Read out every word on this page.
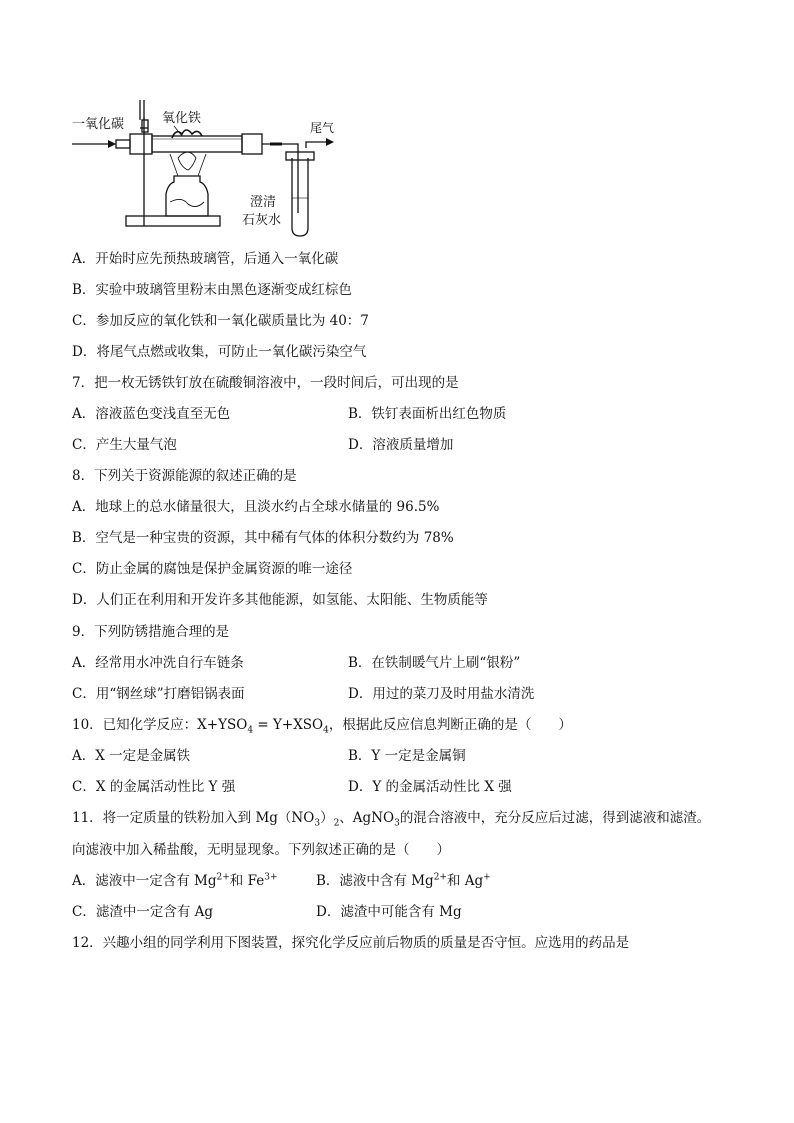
一氧化碳	氧化铁
尾气
澄清
石灰水
A．开始时应先预热玻璃管，后通入一氧化碳
B．实验中玻璃管里粉末由黑色逐渐变成红棕色
C．参加反应的氧化铁和一氧化碳质量比为 40：7
D．将尾气点燃或收集，可防止一氧化碳污染空气
7．把一枚无锈铁钉放在硫酸铜溶液中，一段时间后，可出现的是
A．溶液蓝色变浅直至无色	B．铁钉表面析出红色物质
C．产生大量气泡	D．溶液质量增加
8．下列关于资源能源的叙述正确的是
A．地球上的总水储量很大，且淡水约占全球水储量的 96.5%
B．空气是一种宝贵的资源，其中稀有气体的体积分数约为 78%
C．防止金属的腐蚀是保护金属资源的唯一途径
D．人们正在利用和开发许多其他能源，如氢能、太阳能、生物质能等
9．下列防锈措施合理的是
A．经常用水冲洗自行车链条	B．在铁制暖气片上刷“银粉”
C．用“钢丝球”打磨铝锅表面	D．用过的菜刀及时用盐水清洗
10．已知化学反应：$X+YSO_4 = Y+XSO_4$，根据此反应信息判断正确的是（　　）
A．X 一定是金属铁	B．Y 一定是金属铜
C．X 的金属活动性比 Y 强	D．Y 的金属活动性比 X 强
11．将一定质量的铁粉加入到 $Mg(NO_3)_2$、AgNO$_3$的混合溶液中，充分反应后过滤，得到滤液和滤渣。
向滤液中加入稀盐酸，无明显现象。下列叙述正确的是（　　）
A．滤液中一定含有 $Mg^{2+}$和 $Fe^{3+}$	B．滤液中含有 $Mg^{2+}$和 Ag+
C．滤渣中一定含有 Ag	D．滤渣中可能含有 Mg
12．兴趣小组的同学利用下图装置，探究化学反应前后物质的质量是否守恒。应选用的药品是
